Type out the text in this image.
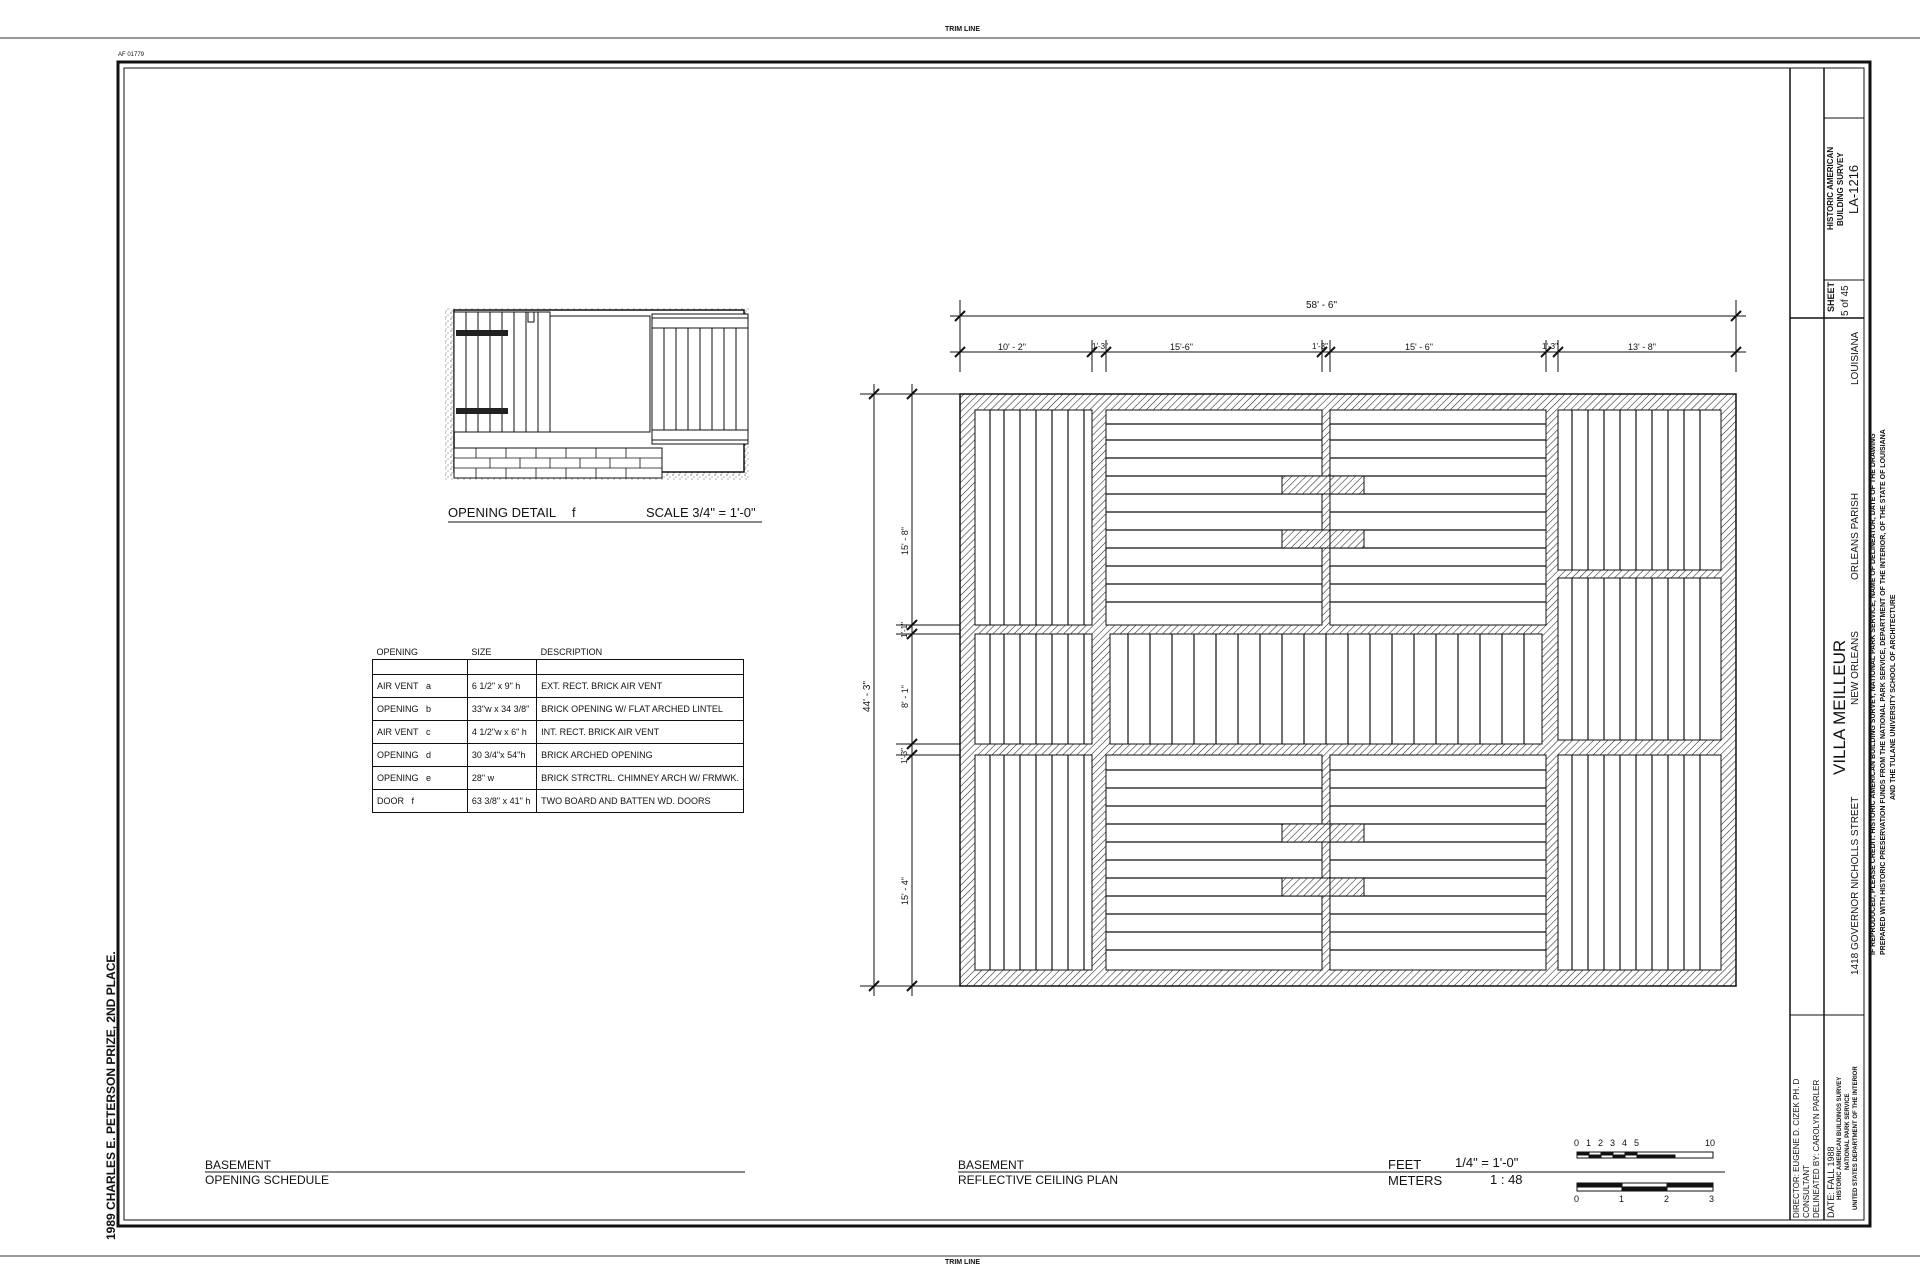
TRIM LINE
TRIM LINE
AF 01779
1989 CHARLES E. PETERSON PRIZE, 2ND PLACE.
OPENING DETAIL f	SCALE 3/4" = 1'-0"
OPENING	SIZE	DESCRIPTION

AIR VENT a	6 1/2" x 9" h	EXT. RECT. BRICK AIR VENT
OPENING b	33"w x 34 3/8"	BRICK OPENING W/ FLAT ARCHED LINTEL
AIR VENT c	4 1/2"w x 6" h	INT. RECT. BRICK AIR VENT
OPENING d	30 3/4"x 54"h	BRICK ARCHED OPENING
OPENING e	28" w	BRICK STRCTRL. CHIMNEY ARCH W/ FRMWK.
DOOR f	63 3/8" x 41" h	TWO BOARD AND BATTEN WD. DOORS
58' - 6"
10' - 2"	1'-3"	15'-6"	1'-3"	15' - 6"	1'-3"	13' - 8"
44' - 3"
15' - 8"
1'-1"
8' - 1"
1'-3"
15' - 4"
BASEMENT
OPENING SCHEDULE
BASEMENT
REFLECTIVE CEILING PLAN
FEET	1/4" = 1'-0"
METERS	1 : 48
0 1 2 3 4 5	10
0	1	2	3
VILLA MEILLEUR
1418 GOVERNOR NICHOLLS STREET
NEW ORLEANS
ORLEANS PARISH
LOUISIANA
IF REPRODUCED, PLEASE CREDIT: HISTORIC AMERICAN BUILDING SURVEY, NATIONAL PARK SERVICE, NAME OF DELINEATOR, DATE OF THE DRAWING PREPARED WITH HISTORIC PRESERVATION FUNDS FROM THE NATIONAL PARK SERVICE, DEPARTMENT OF THE INTERIOR, OF THE STATE OF LOUISIANA AND THE TULANE UNIVERSITY SCHOOL OF ARCHITECTURE
DIRECTOR: EUGENE D. CIZEK PH. D CONSULTANT DELINEATED BY: CAROLYN PARLER DATE: FALL 1988 HISTORIC AMERICAN BUILDINGS SURVEY NATIONAL PARK SERVICE UNITED STATES DEPARTMENT OF THE INTERIOR
SHEET 5 of 45
HISTORIC AMERICAN BUILDING SURVEY LA-1216
